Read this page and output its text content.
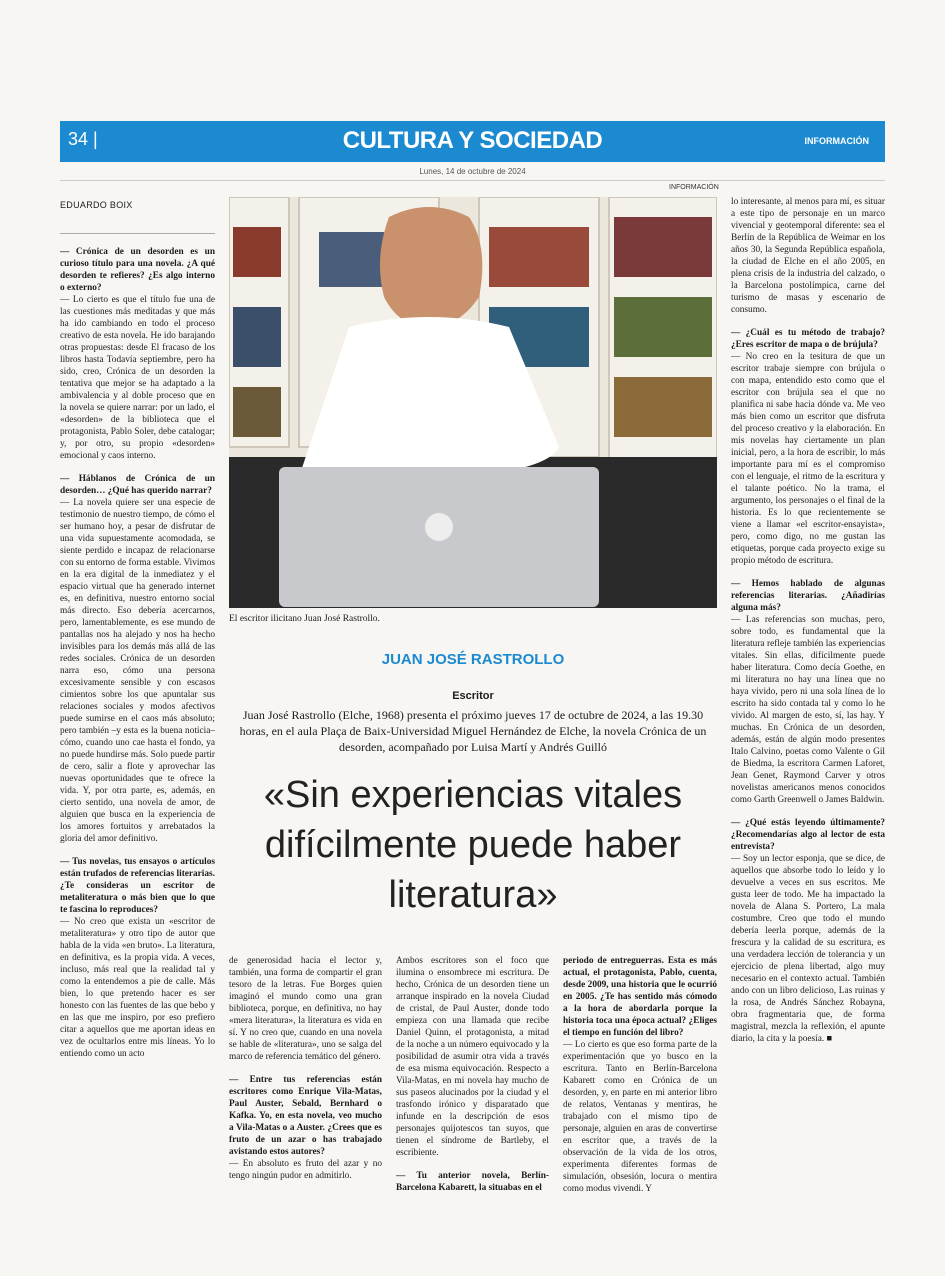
34 |	CULTURA Y SOCIEDAD	INFORMACIÓN
Lunes, 14 de octubre de 2024
INFORMACIÓN
EDUARDO BOIX

— Crónica de un desorden es un curioso título para una novela. ¿A qué desorden te refieres? ¿Es algo interno o externo?
— Lo cierto es que el título fue una de las cuestiones más meditadas y que más ha ido cambiando en todo el proceso creativo de esta novela. He ido barajando otras propuestas: desde El fracaso de los libros hasta Todavía septiembre, pero ha sido, creo, Crónica de un desorden la tentativa que mejor se ha adaptado a la ambivalencia y al doble proceso que en la novela se quiere narrar: por un lado, el «desorden» de la biblioteca que el protagonista, Pablo Soler, debe catalogar; y, por otro, su propio «desorden» emocional y caos interno.

— Háblanos de Crónica de un desorden… ¿Qué has querido narrar?
— La novela quiere ser una especie de testimonio de nuestro tiempo, de cómo el ser humano hoy, a pesar de disfrutar de una vida supuestamente acomodada, se siente perdido e incapaz de relacionarse con su entorno de forma estable. Vivimos en la era digital de la inmediatez y el espacio virtual que ha generado internet es, en definitiva, nuestro entorno social más directo. Eso debería acercarnos, pero, lamentablemente, es ese mundo de pantallas nos ha alejado y nos ha hecho invisibles para los demás más allá de las redes sociales. Crónica de un desorden narra eso, cómo una persona excesivamente sensible y con escasos cimientos sobre los que apuntalar sus relaciones sociales y modos afectivos puede sumirse en el caos más absoluto; pero también –y esta es la buena noticia– cómo, cuando uno cae hasta el fondo, ya no puede hundirse más. Solo puede partir de cero, salir a flote y aprovechar las nuevas oportunidades que te ofrece la vida. Y, por otra parte, es, además, en cierto sentido, una novela de amor, de alguien que busca en la experiencia de los amores fortuitos y arrebatados la gloria del amor definitivo.

— Tus novelas, tus ensayos o artículos están trufados de referencias literarias. ¿Te consideras un escritor de metaliteratura o más bien que lo que te fascina lo reproduces?
— No creo que exista un «escritor de metaliteratura» y otro tipo de autor que habla de la vida «en bruto». La literatura, en definitiva, es la propia vida. A veces, incluso, más real que la realidad tal y como la entendemos a pie de calle. Más bien, lo que pretendo hacer es ser honesto con las fuentes de las que bebo y en las que me inspiro, por eso prefiero citar a aquellos que me aportan ideas en vez de ocultarlos entre mis líneas. Yo lo entiendo como un acto

El escritor ilicitano Juan José Rastrollo.
JUAN JOSÉ RASTROLLO
Escritor
Juan José Rastrollo (Elche, 1968) presenta el próximo jueves 17 de octubre de 2024, a las 19.30 horas, en el aula Plaça de Baix-Universidad Miguel Hernández de Elche, la novela Crónica de un desorden, acompañado por Luisa Martí y Andrés Guilló
«Sin experiencias vitales difícilmente puede haber literatura»

de generosidad hacia el lector y, también, una forma de compartir el gran tesoro de la letras. Fue Borges quien imaginó el mundo como una gran biblioteca, porque, en definitiva, no hay «mera literatura», la literatura es vida en sí. Y no creo que, cuando en una novela se hable de «literatura», uno se salga del marco de referencia temático del género.

— Entre tus referencias están escritores como Enrique Vila-Matas, Paul Auster, Sebald, Bernhard o Kafka. Yo, en esta novela, veo mucho a Vila-Matas o a Auster. ¿Crees que es fruto de un azar o has trabajado avistando estos autores?
— En absoluto es fruto del azar y no tengo ningún pudor en admitirlo.

Ambos escritores son el foco que ilumina o ensombrece mi escritura. De hecho, Crónica de un desorden tiene un arranque inspirado en la novela Ciudad de cristal, de Paul Auster, donde todo empieza con una llamada que recibe Daniel Quinn, el protagonista, a mitad de la noche a un número equivocado y la posibilidad de asumir otra vida a través de esa misma equivocación. Respecto a Vila-Matas, en mi novela hay mucho de sus paseos alucinados por la ciudad y el trasfondo irónico y disparatado que infunde en la descripción de esos personajes quijotescos tan suyos, que tienen el síndrome de Bartleby, el escribiente.

— Tu anterior novela, Berlín-Barcelona Kabarett, la situabas en el

periodo de entreguerras. Esta es más actual, el protagonista, Pablo, cuenta, desde 2009, una historia que le ocurrió en 2005. ¿Te has sentido más cómodo a la hora de abordarla porque la historia toca una época actual? ¿Eliges el tiempo en función del libro?
— Lo cierto es que eso forma parte de la experimentación que yo busco en la escritura. Tanto en Berlín-Barcelona Kabarett como en Crónica de un desorden, y, en parte en mi anterior libro de relatos, Ventanas y mentiras, he trabajado con el mismo tipo de personaje, alguien en aras de convertirse en escritor que, a través de la observación de la vida de los otros, experimenta diferentes formas de simulación, obsesión, locura o mentira como modus vivendi. Y

lo interesante, al menos para mí, es situar a este tipo de personaje en un marco vivencial y geotemporal diferente: sea el Berlín de la República de Weimar en los años 30, la Segunda República española, la ciudad de Elche en el año 2005, en plena crisis de la industria del calzado, o la Barcelona postolímpica, carne del turismo de masas y escenario de consumo.

— ¿Cuál es tu método de trabajo? ¿Eres escritor de mapa o de brújula?
— No creo en la tesitura de que un escritor trabaje siempre con brújula o con mapa, entendido esto como que el escritor con brújula sea el que no planifica ni sabe hacia dónde va. Me veo más bien como un escritor que disfruta del proceso creativo y la elaboración. En mis novelas hay ciertamente un plan inicial, pero, a la hora de escribir, lo más importante para mí es el compromiso con el lenguaje, el ritmo de la escritura y el talante poético. No la trama, el argumento, los personajes o el final de la historia. Es lo que recientemente se viene a llamar «el escritor-ensayista», pero, como digo, no me gustan las etiquetas, porque cada proyecto exige su propio método de escritura.

— Hemos hablado de algunas referencias literarias. ¿Añadirías alguna más?
— Las referencias son muchas, pero, sobre todo, es fundamental que la literatura refleje también las experiencias vitales. Sin ellas, difícilmente puede haber literatura. Como decía Goethe, en mi literatura no hay una línea que no haya vivido, pero ni una sola línea de lo escrito ha sido contada tal y como lo he vivido. Al margen de esto, sí, las hay. Y muchas. En Crónica de un desorden, además, están de algún modo presentes Italo Calvino, poetas como Valente o Gil de Biedma, la escritora Carmen Laforet, Jean Genet, Raymond Carver y otros novelistas americanos menos conocidos como Garth Greenwell o James Baldwin.

— ¿Qué estás leyendo últimamente? ¿Recomendarías algo al lector de esta entrevista?
— Soy un lector esponja, que se dice, de aquellos que absorbe todo lo leído y lo devuelve a veces en sus escritos. Me gusta leer de todo. Me ha impactado la novela de Alana S. Portero, La mala costumbre. Creo que todo el mundo debería leerla porque, además de la frescura y la calidad de su escritura, es una verdadera lección de tolerancia y un ejercicio de plena libertad, algo muy necesario en el contexto actual. También ando con un libro delicioso, Las ruinas y la rosa, de Andrés Sánchez Robayna, obra fragmentaria que, de forma magistral, mezcla la reflexión, el apunte diario, la cita y la poesía. ■
